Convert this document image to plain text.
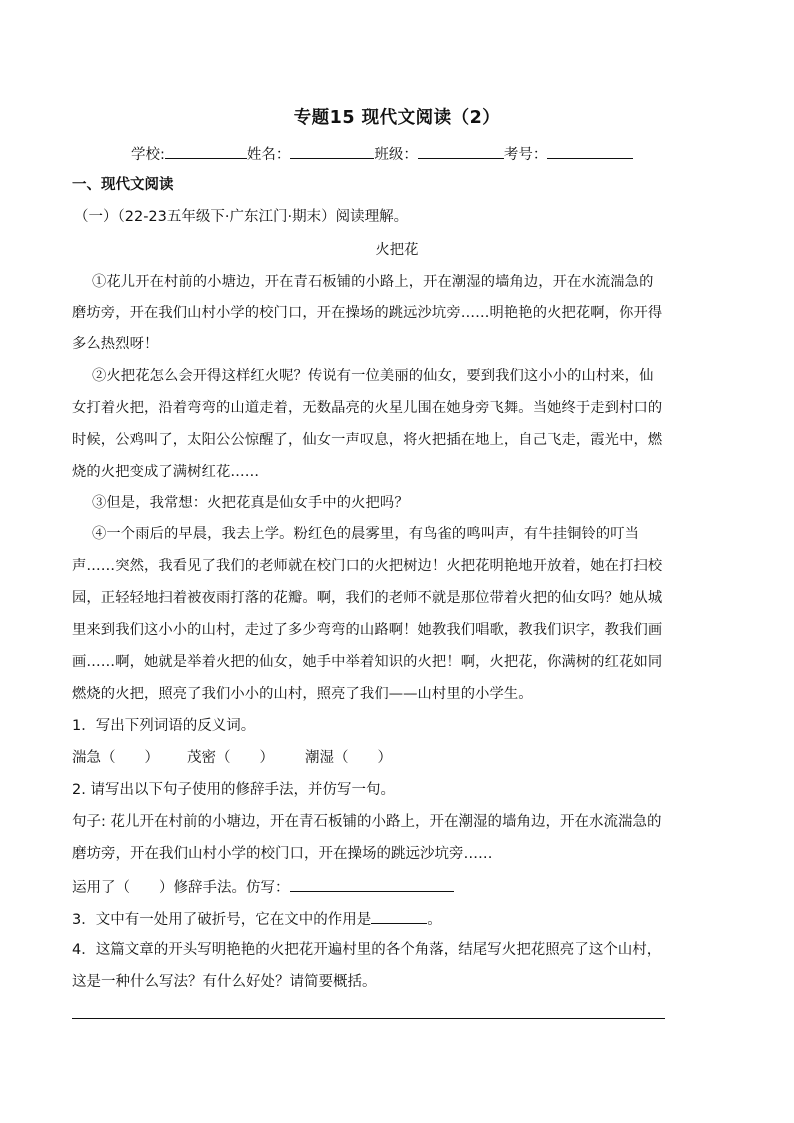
专题15 现代文阅读（2）
学校:	姓名：	班级：	考号：
一、现代文阅读
（一）（22-23五年级下·广东江门·期末）阅读理解。
火把花
①花儿开在村前的小塘边，开在青石板铺的小路上，开在潮湿的墙角边，开在水流湍急的
磨坊旁，开在我们山村小学的校门口，开在操场的跳远沙坑旁……明艳艳的火把花啊，你开得
多么热烈呀！
②火把花怎么会开得这样红火呢？传说有一位美丽的仙女，要到我们这小小的山村来，仙
女打着火把，沿着弯弯的山道走着，无数晶亮的火星儿围在她身旁飞舞。当她终于走到村口的
时候，公鸡叫了，太阳公公惊醒了，仙女一声叹息，将火把插在地上，自己飞走，霞光中，燃
烧的火把变成了满树红花……
③但是，我常想：火把花真是仙女手中的火把吗？
④一个雨后的早晨，我去上学。粉红色的晨雾里，有鸟雀的鸣叫声，有牛挂铜铃的叮当
声……突然，我看见了我们的老师就在校门口的火把树边！火把花明艳地开放着，她在打扫校
园，正轻轻地扫着被夜雨打落的花瓣。啊，我们的老师不就是那位带着火把的仙女吗？她从城
里来到我们这小小的山村，走过了多少弯弯的山路啊！她教我们唱歌，教我们识字，教我们画
画……啊，她就是举着火把的仙女，她手中举着知识的火把！啊，火把花，你满树的红花如同
燃烧的火把，照亮了我们小小的山村，照亮了我们——山村里的小学生。
1．写出下列词语的反义词。
湍急（　　） 茂密（　　） 潮湿（　　）
2. 请写出以下句子使用的修辞手法，并仿写一句。
句子: 花儿开在村前的小塘边，开在青石板铺的小路上，开在潮湿的墙角边，开在水流湍急的
磨坊旁，开在我们山村小学的校门口，开在操场的跳远沙坑旁……
运用了（　　）修辞手法。仿写：
3．文中有一处用了破折号，它在文中的作用是	。
4．这篇文章的开头写明艳艳的火把花开遍村里的各个角落，结尾写火把花照亮了这个山村，
这是一种什么写法？有什么好处？请简要概括。
